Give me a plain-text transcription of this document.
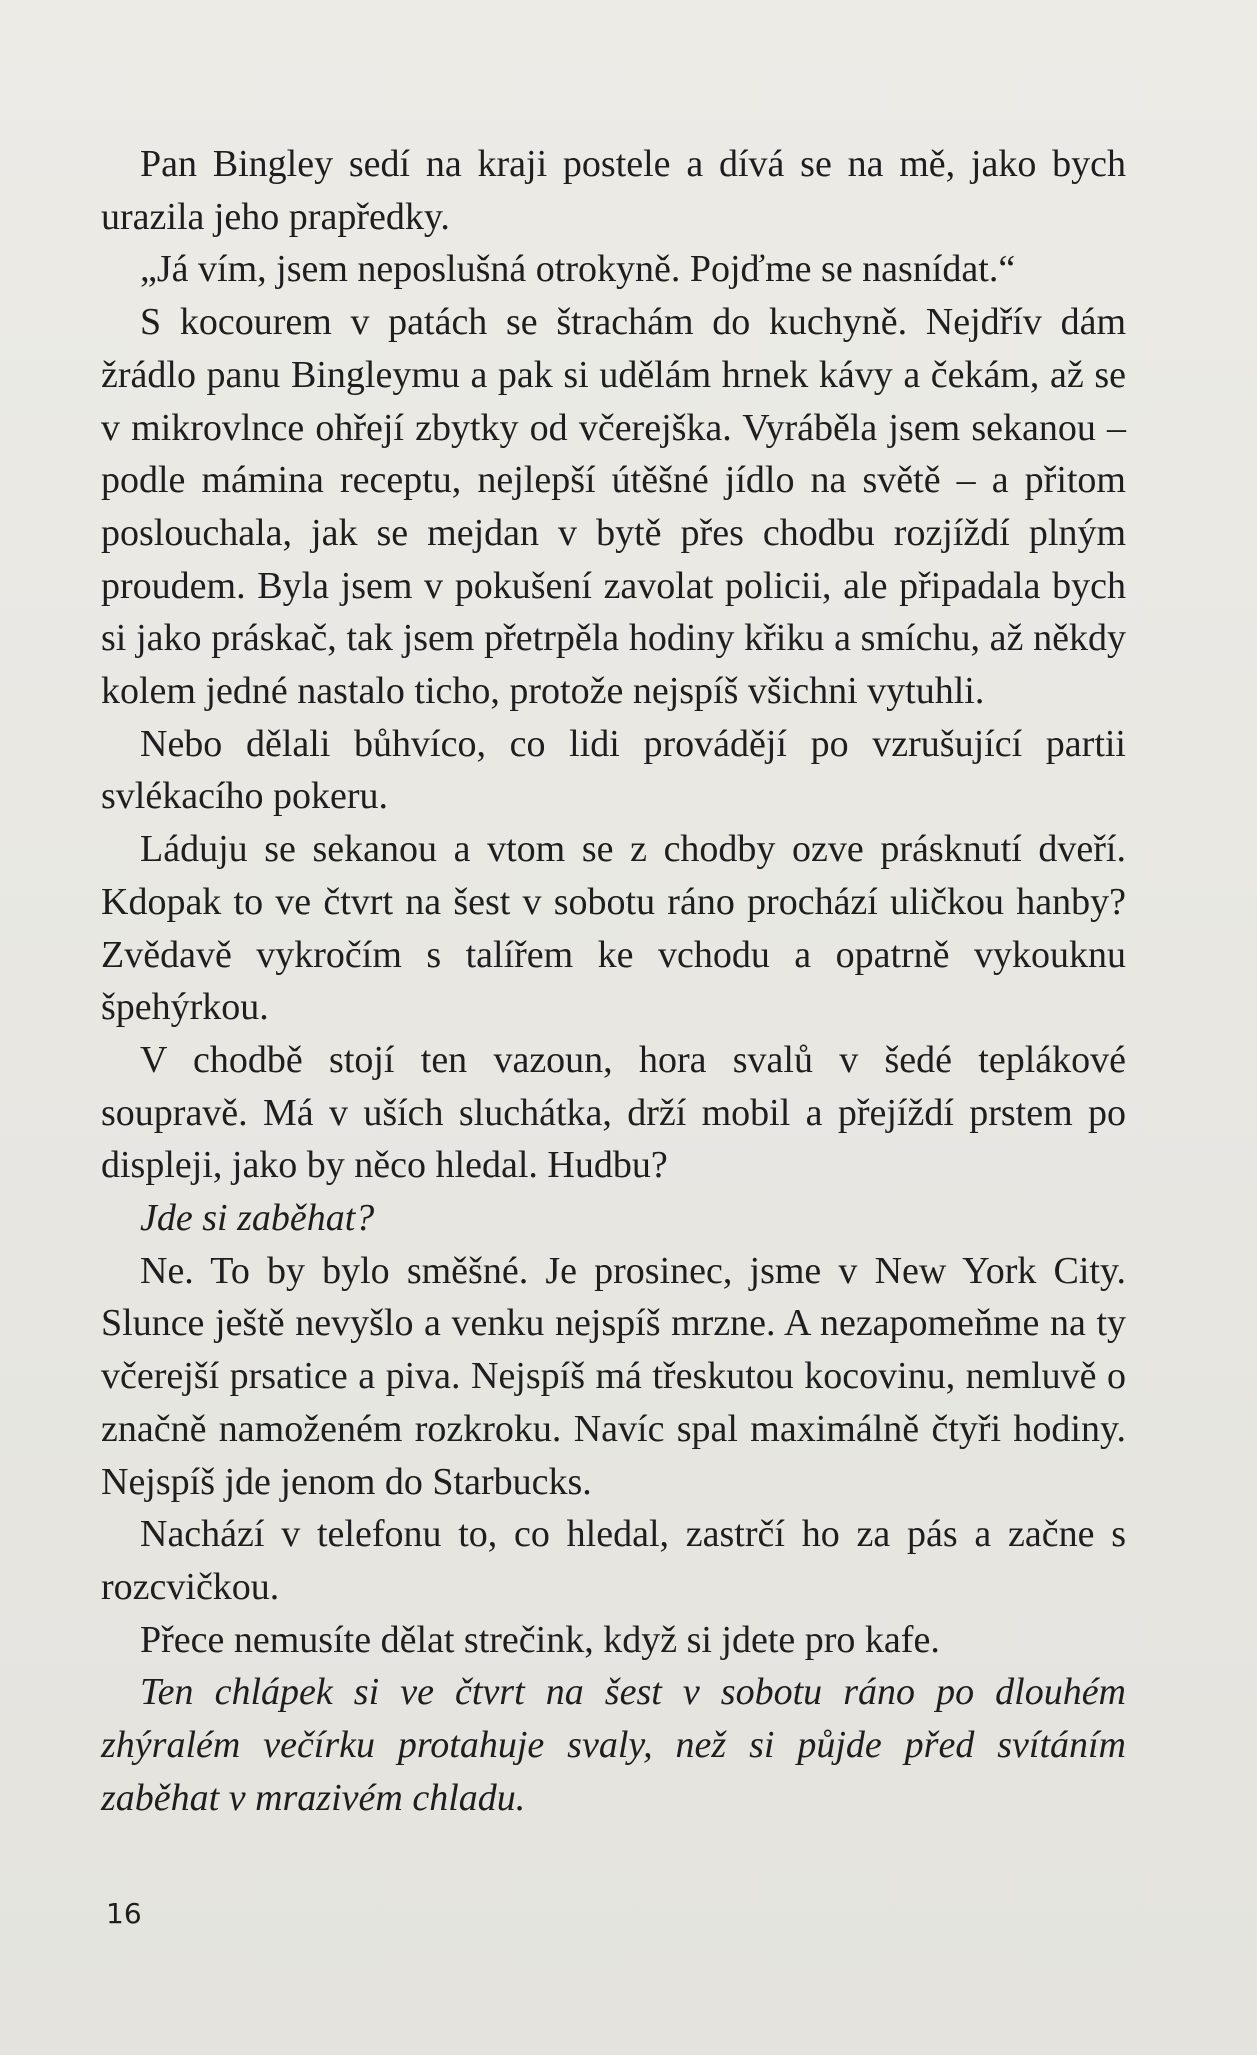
Pan Bingley sedí na kraji postele a dívá se na mě, jako bych urazila jeho prapředky.

„Já vím, jsem neposlušná otrokyně. Pojďme se nasnídat.“

S kocourem v patách se štrachám do kuchyně. Nejdřív dám žrádlo panu Bingleymu a pak si udělám hrnek kávy a čekám, až se v mikrovlnce ohřejí zbytky od včerejška. Vyráběla jsem sekanou – podle mámina receptu, nejlepší útěšné jídlo na světě – a přitom poslouchala, jak se mejdan v bytě přes chodbu rozjíždí plným proudem. Byla jsem v pokušení zavolat policii, ale připadala bych si jako práskač, tak jsem přetrpěla hodiny křiku a smíchu, až někdy kolem jedné nastalo ticho, protože nejspíš všichni vytuhli.

Nebo dělali bůhvíco, co lidi provádějí po vzrušující partii svlékacího pokeru.

Láduju se sekanou a vtom se z chodby ozve prásknutí dveří. Kdopak to ve čtvrt na šest v sobotu ráno prochází uličkou hanby? Zvědavě vykročím s talířem ke vchodu a opatrně vykouknu špehýrkou.

V chodbě stojí ten vazoun, hora svalů v šedé teplákové soupravě. Má v uších sluchátka, drží mobil a přejíždí prstem po displeji, jako by něco hledal. Hudbu?

Jde si zaběhat?

Ne. To by bylo směšné. Je prosinec, jsme v New York City. Slunce ještě nevyšlo a venku nejspíš mrzne. A nezapomeňme na ty včerejší prsatice a piva. Nejspíš má třeskutou kocovinu, nemluvě o značně namoženém rozkroku. Navíc spal maximálně čtyři hodiny. Nejspíš jde jenom do Starbucks.

Nachází v telefonu to, co hledal, zastrčí ho za pás a začne s rozcvičkou.

Přece nemusíte dělat strečink, když si jdete pro kafe.

Ten chlápek si ve čtvrt na šest v sobotu ráno po dlouhém zhýralém večírku protahuje svaly, než si půjde před svítáním zaběhat v mrazivém chladu.

16
